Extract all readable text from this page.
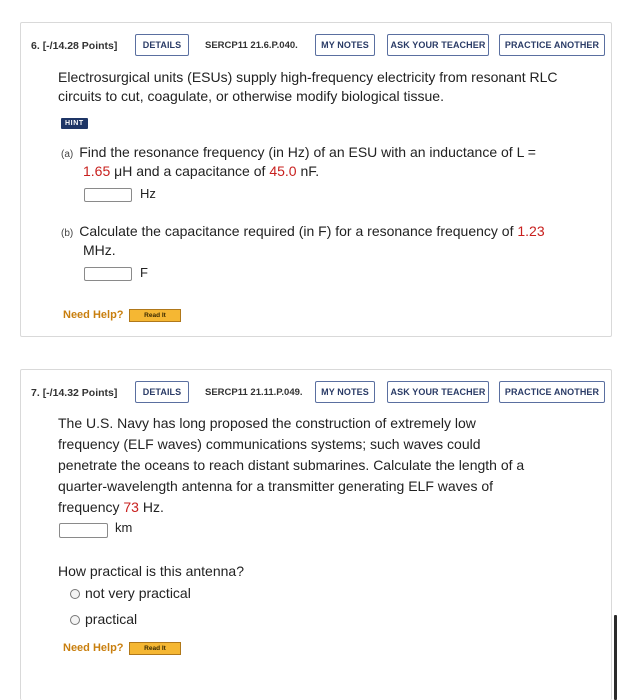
6. [-/14.28 Points]	DETAILS	SERCP11 21.6.P.040.	MY NOTES	ASK YOUR TEACHER	PRACTICE ANOTHER
Electrosurgical units (ESUs) supply high-frequency electricity from resonant RLC
circuits to cut, coagulate, or otherwise modify biological tissue.
HINT
(a) Find the resonance frequency (in Hz) of an ESU with an inductance of L =
1.65 μH and a capacitance of 45.0 nF.
Hz
(b) Calculate the capacitance required (in F) for a resonance frequency of 1.23
MHz.
F
Need Help?	Read It
7. [-/14.32 Points]	DETAILS	SERCP11 21.11.P.049.	MY NOTES	ASK YOUR TEACHER	PRACTICE ANOTHER
The U.S. Navy has long proposed the construction of extremely low
frequency (ELF waves) communications systems; such waves could
penetrate the oceans to reach distant submarines. Calculate the length of a
quarter-wavelength antenna for a transmitter generating ELF waves of
frequency 73 Hz.
km
How practical is this antenna?
not very practical
practical
Need Help?	Read It
